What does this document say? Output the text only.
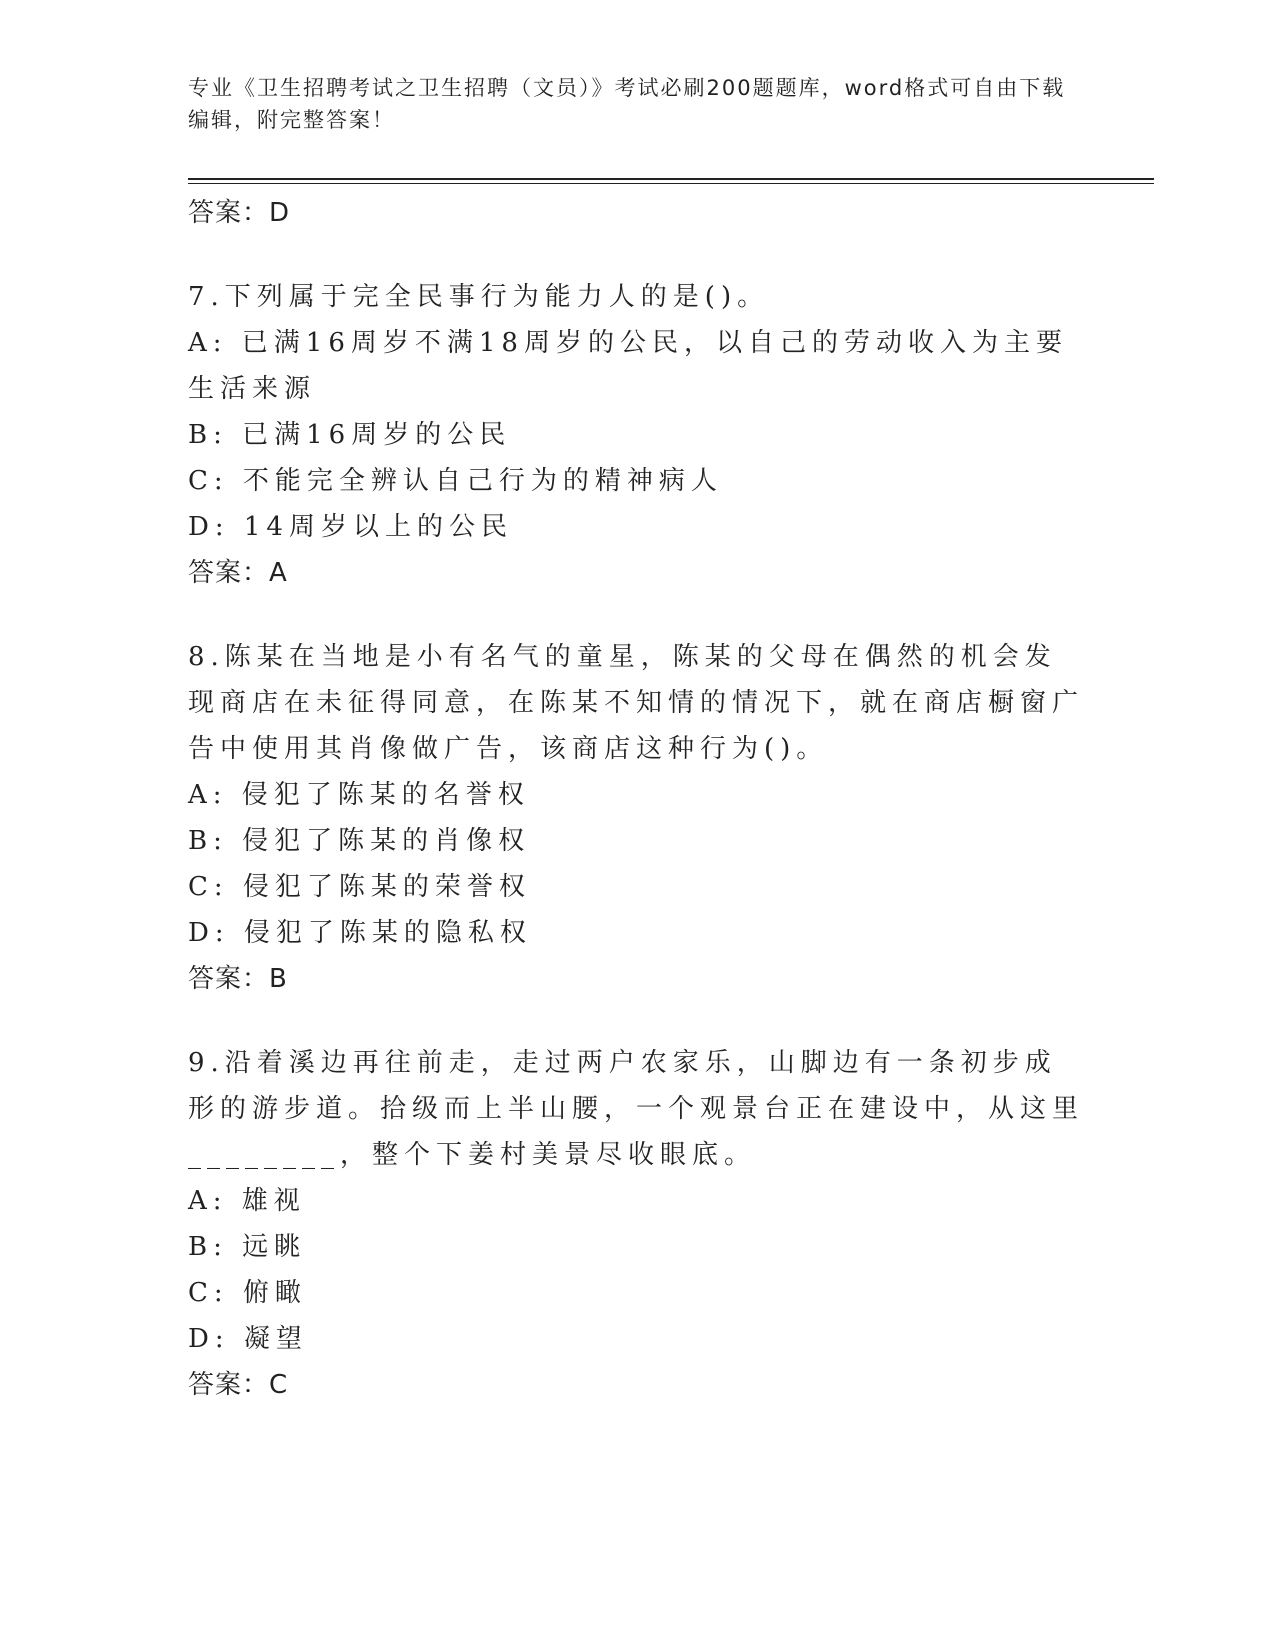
专业《卫生招聘考试之卫生招聘（文员）》考试必刷200题题库，word格式可自由下载编辑，附完整答案！
答案：D

7.下列属于完全民事行为能力人的是()。

A: 已满16周岁不满18周岁的公民，以自己的劳动收入为主要生活来源

B: 已满16周岁的公民

C: 不能完全辨认自己行为的精神病人

D: 14周岁以上的公民

答案：A

8.陈某在当地是小有名气的童星，陈某的父母在偶然的机会发现商店在未征得同意，在陈某不知情的情况下，就在商店橱窗广告中使用其肖像做广告，该商店这种行为()。

A: 侵犯了陈某的名誉权

B: 侵犯了陈某的肖像权

C: 侵犯了陈某的荣誉权

D: 侵犯了陈某的隐私权

答案：B

9.沿着溪边再往前走，走过两户农家乐，山脚边有一条初步成形的游步道。拾级而上半山腰，一个观景台正在建设中，从这里________，整个下姜村美景尽收眼底。

A: 雄视

B: 远眺

C: 俯瞰

D: 凝望

答案：C
